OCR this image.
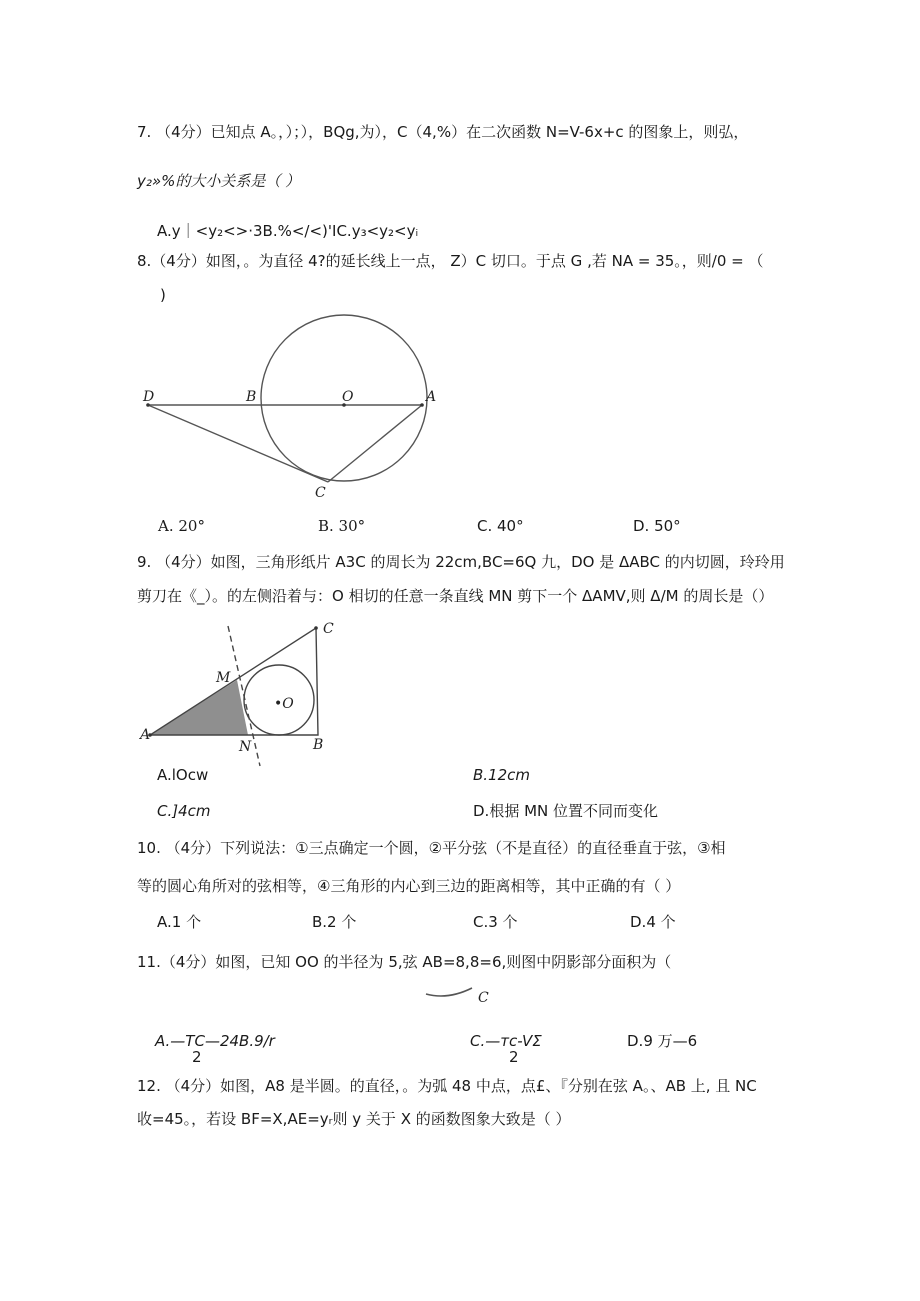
7. （4分）已知点 A。，）；），BQg,为），C（4,%）在二次函数 N=V-6x+c 的图象上，则弘，
y₂»%的大小关系是（ ）
A.y｜<y₂<>·3B.%</<)'IC.y₃<y₂<yᵢ
8.（4分）如图，。为直径 4?的延长线上一点， Z）C 切口。于点 G ,若 NA = 35。，则/0 = （
)
D	B	O	A
C
A. 20°	B. 30°	C. 40°	D. 50°
9. （4分）如图，三角形纸片 A3C 的周长为 22cm,BC=6Q 九，DO 是 ΔABC 的内切圆，玲玲用
剪刀在《_）。的左侧沿着与：O 相切的任意一条直线 MN 剪下一个 ΔAMV,则 Δ/M 的周长是（）
C
M
•O
A
N	B
A.lOcw	B.12cm
C.]4cm	D.根据 MN 位置不同而变化
10. （4分）下列说法：①三点确定一个圆，②平分弦（不是直径）的直径垂直于弦，③相
等的圆心角所对的弦相等，④三角形的内心到三边的距离相等，其中正确的有（ ）
A.1 个	B.2 个	C.3 个	D.4 个
11.（4分）如图，已知 OO 的半径为 5,弦 AB=8,8=6,则图中阴影部分面积为（
C
A.—TC—24B.9/r
2
C.—тc-VΣ
2
D.9 万—6
12. （4分）如图，A8 是半圆。的直径，。为弧 48 中点，点£、『分别在弦 A。、AB 上, 且 NC
收=45。，若设 BF=X,AE=yᵣ则 y 关于 X 的函数图象大致是（ ）
